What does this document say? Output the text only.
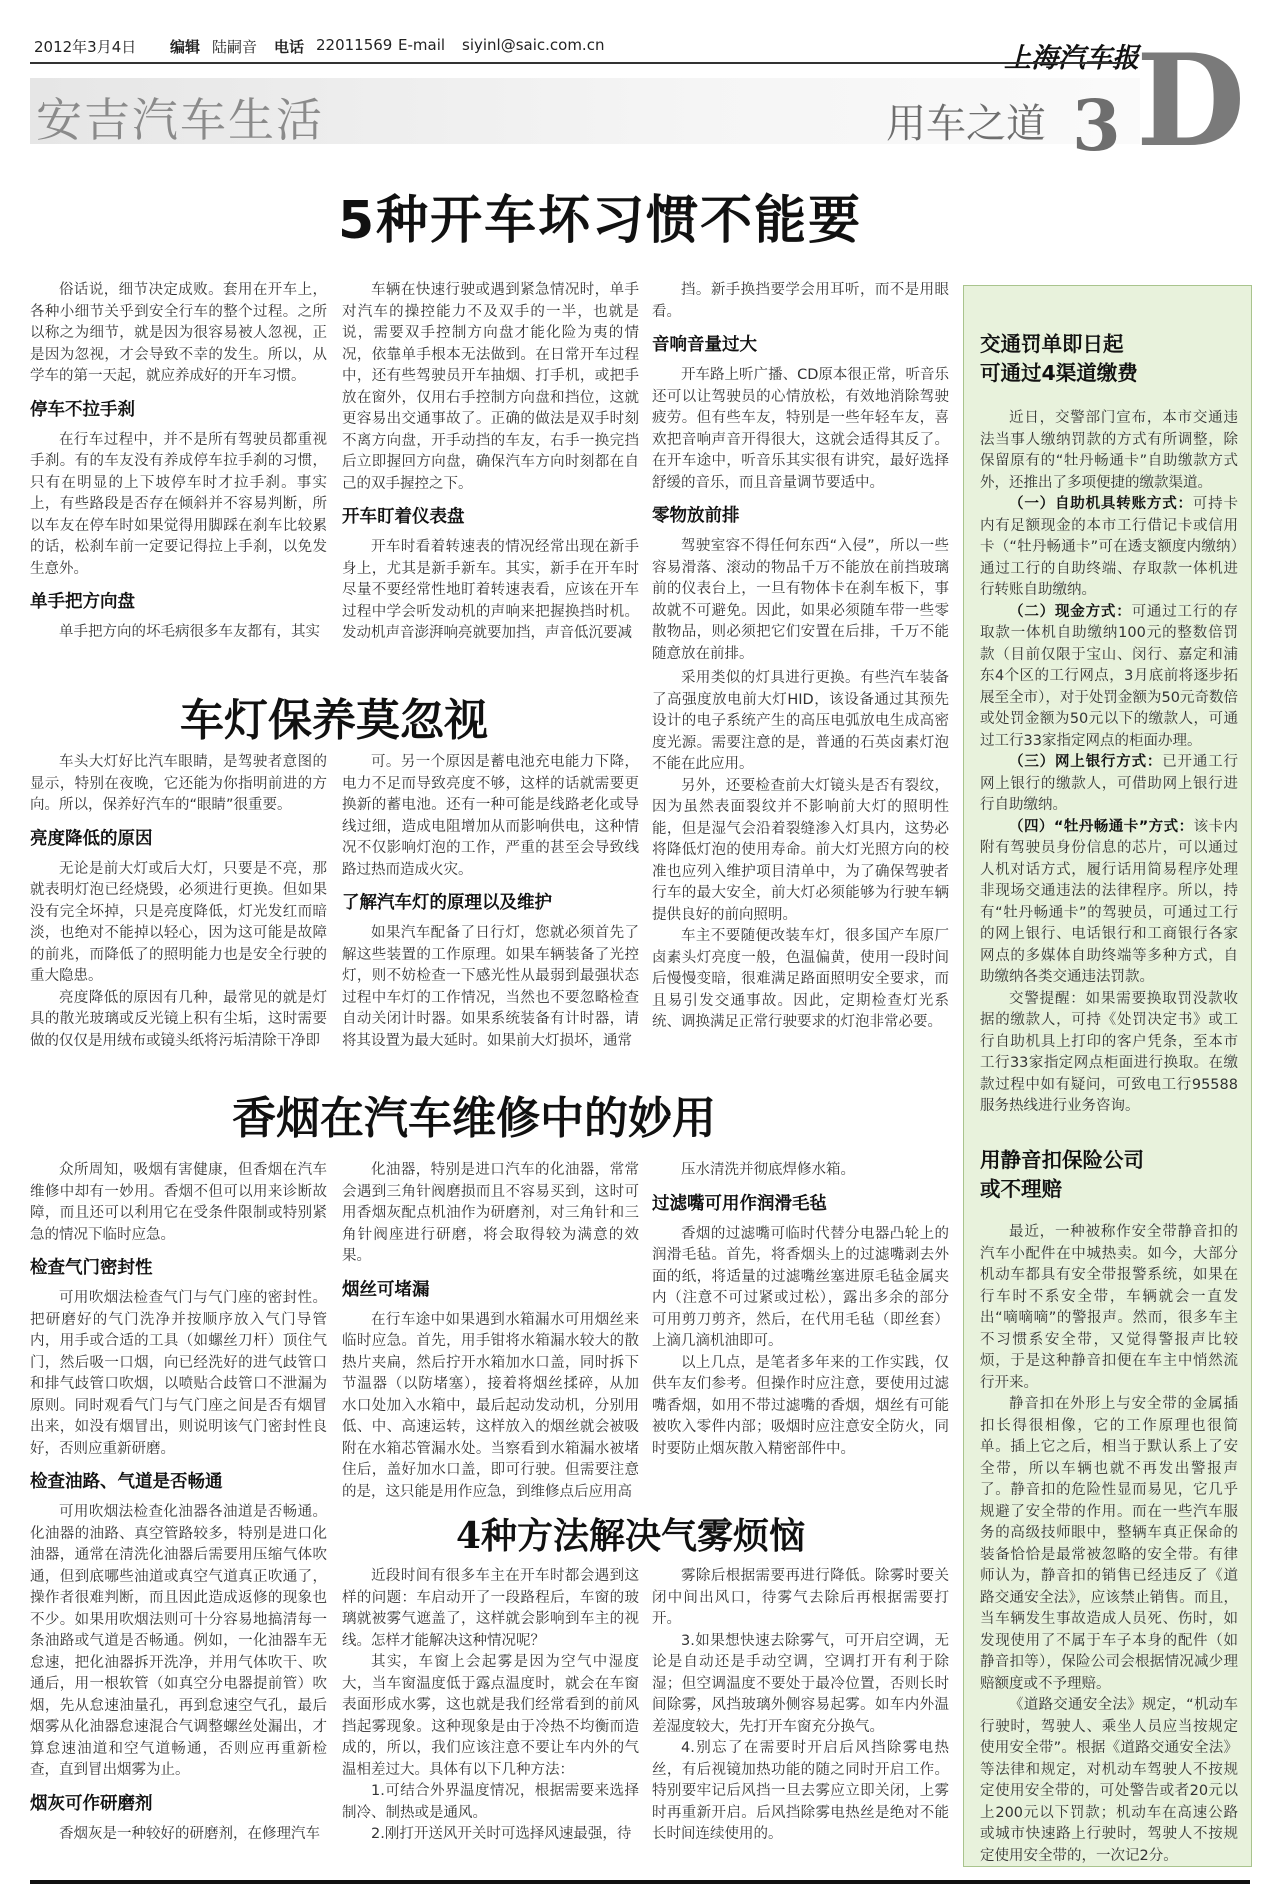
2012年3月4日 编辑 陆嗣音 电话 22011569 E-mail siyinl@saic.com.cn	上海汽车报
安吉汽车生活	用车之道 3 D
5种开车坏习惯不能要

俗话说，细节决定成败。套用在开车上，各种小细节关乎到安全行车的整个过程。之所以称之为细节，就是因为很容易被人忽视，正是因为忽视，才会导致不幸的发生。所以，从学车的第一天起，就应养成好的开车习惯。

停车不拉手刹

在行车过程中，并不是所有驾驶员都重视手刹。有的车友没有养成停车拉手刹的习惯，只有在明显的上下坡停车时才拉手刹。事实上，有些路段是否存在倾斜并不容易判断，所以车友在停车时如果觉得用脚踩在刹车比较累的话，松刹车前一定要记得拉上手刹，以免发生意外。

单手把方向盘

单手把方向的坏毛病很多车友都有，其实

车辆在快速行驶或遇到紧急情况时，单手对汽车的操控能力不及双手的一半，也就是说，需要双手控制方向盘才能化险为夷的情况，依靠单手根本无法做到。在日常开车过程中，还有些驾驶员开车抽烟、打手机，或把手放在窗外，仅用右手控制方向盘和挡位，这就更容易出交通事故了。正确的做法是双手时刻不离方向盘，开手动挡的车友，右手一换完挡后立即握回方向盘，确保汽车方向时刻都在自己的双手握控之下。

开车盯着仪表盘

开车时看着转速表的情况经常出现在新手身上，尤其是新手新车。其实，新手在开车时尽量不要经常性地盯着转速表看，应该在开车过程中学会听发动机的声响来把握换挡时机。发动机声音澎湃响亮就要加挡，声音低沉要减

挡。新手换挡要学会用耳听，而不是用眼看。

音响音量过大

开车路上听广播、CD原本很正常，听音乐还可以让驾驶员的心情放松，有效地消除驾驶疲劳。但有些车友，特别是一些年轻车友，喜欢把音响声音开得很大，这就会适得其反了。在开车途中，听音乐其实很有讲究，最好选择舒缓的音乐，而且音量调节要适中。

零物放前排

驾驶室容不得任何东西“入侵”，所以一些容易滑落、滚动的物品千万不能放在前挡玻璃前的仪表台上，一旦有物体卡在刹车板下，事故就不可避免。因此，如果必须随车带一些零散物品，则必须把它们安置在后排，千万不能随意放在前排。

车灯保养莫忽视

车头大灯好比汽车眼睛，是驾驶者意图的显示，特别在夜晚，它还能为你指明前进的方向。所以，保养好汽车的“眼睛”很重要。

亮度降低的原因

无论是前大灯或后大灯，只要是不亮，那就表明灯泡已经烧毁，必须进行更换。但如果没有完全坏掉，只是亮度降低，灯光发红而暗淡，也绝对不能掉以轻心，因为这可能是故障的前兆，而降低了的照明能力也是安全行驶的重大隐患。

亮度降低的原因有几种，最常见的就是灯具的散光玻璃或反光镜上积有尘垢，这时需要做的仅仅是用绒布或镜头纸将污垢清除干净即

可。另一个原因是蓄电池充电能力下降，电力不足而导致亮度不够，这样的话就需要更换新的蓄电池。还有一种可能是线路老化或导线过细，造成电阻增加从而影响供电，这种情况不仅影响灯泡的工作，严重的甚至会导致线路过热而造成火灾。

了解汽车灯的原理以及维护

如果汽车配备了日行灯，您就必须首先了解这些装置的工作原理。如果车辆装备了光控灯，则不妨检查一下感光性从最弱到最强状态过程中车灯的工作情况，当然也不要忽略检查自动关闭计时器。如果系统装备有计时器，请将其设置为最大延时。如果前大灯损坏，通常

采用类似的灯具进行更换。有些汽车装备了高强度放电前大灯HID，该设备通过其预先设计的电子系统产生的高压电弧放电生成高密度光源。需要注意的是，普通的石英卤素灯泡不能在此应用。

另外，还要检查前大灯镜头是否有裂纹，因为虽然表面裂纹并不影响前大灯的照明性能，但是湿气会沿着裂缝渗入灯具内，这势必将降低灯泡的使用寿命。前大灯光照方向的校准也应列入维护项目清单中，为了确保驾驶者行车的最大安全，前大灯必须能够为行驶车辆提供良好的前向照明。

车主不要随便改装车灯，很多国产车原厂卤素头灯亮度一般，色温偏黄，使用一段时间后慢慢变暗，很难满足路面照明安全要求，而且易引发交通事故。因此，定期检查灯光系统、调换满足正常行驶要求的灯泡非常必要。

香烟在汽车维修中的妙用

众所周知，吸烟有害健康，但香烟在汽车维修中却有一妙用。香烟不但可以用来诊断故障，而且还可以利用它在受条件限制或特别紧急的情况下临时应急。

检查气门密封性

可用吹烟法检查气门与气门座的密封性。把研磨好的气门洗净并按顺序放入气门导管内，用手或合适的工具（如螺丝刀杆）顶住气门，然后吸一口烟，向已经洗好的进气歧管口和排气歧管口吹烟，以喷贴合歧管口不泄漏为原则。同时观看气门与气门座之间是否有烟冒出来，如没有烟冒出，则说明该气门密封性良好，否则应重新研磨。

检查油路、气道是否畅通

可用吹烟法检查化油器各油道是否畅通。化油器的油路、真空管路较多，特别是进口化油器，通常在清洗化油器后需要用压缩气体吹通，但到底哪些油道或真空气道真正吹通了，操作者很难判断，而且因此造成返修的现象也不少。如果用吹烟法则可十分容易地搞清每一条油路或气道是否畅通。例如，一化油器车无怠速，把化油器拆开洗净，并用气体吹干、吹通后，用一根软管（如真空分电器提前管）吹烟，先从怠速油量孔，再到怠速空气孔，最后烟雾从化油器怠速混合气调整螺丝处漏出，才算怠速油道和空气道畅通，否则应再重新检查，直到冒出烟雾为止。

烟灰可作研磨剂

香烟灰是一种较好的研磨剂，在修理汽车

化油器，特别是进口汽车的化油器，常常会遇到三角针阀磨损而且不容易买到，这时可用香烟灰配点机油作为研磨剂，对三角针和三角针阀座进行研磨，将会取得较为满意的效果。

烟丝可堵漏

在行车途中如果遇到水箱漏水可用烟丝来临时应急。首先，用手钳将水箱漏水较大的散热片夹扁，然后拧开水箱加水口盖，同时拆下节温器（以防堵塞），接着将烟丝揉碎，从加水口处加入水箱中，最后起动发动机，分别用低、中、高速运转，这样放入的烟丝就会被吸附在水箱芯管漏水处。当察看到水箱漏水被堵住后，盖好加水口盖，即可行驶。但需要注意的是，这只能是用作应急，到维修点后应用高

压水清洗并彻底焊修水箱。

过滤嘴可用作润滑毛毡

香烟的过滤嘴可临时代替分电器凸轮上的润滑毛毡。首先，将香烟头上的过滤嘴剥去外面的纸，将适量的过滤嘴丝塞进原毛毡金属夹内（注意不可过紧或过松），露出多余的部分可用剪刀剪齐，然后，在代用毛毡（即丝套）上滴几滴机油即可。

以上几点，是笔者多年来的工作实践，仅供车友们参考。但操作时应注意，要使用过滤嘴香烟，如用不带过滤嘴的香烟，烟丝有可能被吹入零件内部；吸烟时应注意安全防火，同时要防止烟灰散入精密部件中。

4种方法解决气雾烦恼

近段时间有很多车主在开车时都会遇到这样的问题：车启动开了一段路程后，车窗的玻璃就被雾气遮盖了，这样就会影响到车主的视线。怎样才能解决这种情况呢？

其实，车窗上会起雾是因为空气中湿度大，当车窗温度低于露点温度时，就会在车窗表面形成水雾，这也就是我们经常看到的前风挡起雾现象。这种现象是由于冷热不均衡而造成的，所以，我们应该注意不要让车内外的气温相差过大。具体有以下几种方法：

1.可结合外界温度情况，根据需要来选择制冷、制热或是通风。

2.刚打开送风开关时可选择风速最强，待

雾除后根据需要再进行降低。除雾时要关闭中间出风口，待雾气去除后再根据需要打开。

3.如果想快速去除雾气，可开启空调，无论是自动还是手动空调，空调打开有利于除湿；但空调温度不要处于最冷位置，否则长时间除雾，风挡玻璃外侧容易起雾。如车内外温差湿度较大，先打开车窗充分换气。

4.别忘了在需要时开启后风挡除雾电热丝，有后视镜加热功能的随之同时开启工作。特别要牢记后风挡一旦去雾应立即关闭，上雾时再重新开启。后风挡除雾电热丝是绝对不能长时间连续使用的。

交通罚单即日起

可通过4渠道缴费

近日，交警部门宣布，本市交通违法当事人缴纳罚款的方式有所调整，除保留原有的“牡丹畅通卡”自助缴款方式外，还推出了多项便捷的缴款渠道。

（一）自助机具转账方式：可持卡内有足额现金的本市工行借记卡或信用卡（“牡丹畅通卡”可在透支额度内缴纳）通过工行的自助终端、存取款一体机进行转账自助缴纳。

（二）现金方式：可通过工行的存取款一体机自助缴纳100元的整数倍罚款（目前仅限于宝山、闵行、嘉定和浦东4个区的工行网点，3月底前将逐步拓展至全市），对于处罚金额为50元奇数倍或处罚金额为50元以下的缴款人，可通过工行33家指定网点的柜面办理。

（三）网上银行方式：已开通工行网上银行的缴款人，可借助网上银行进行自助缴纳。

（四）“牡丹畅通卡”方式：该卡内附有驾驶员身份信息的芯片，可以通过人机对话方式，履行话用简易程序处理非现场交通违法的法律程序。所以，持有“牡丹畅通卡”的驾驶员，可通过工行的网上银行、电话银行和工商银行各家网点的多媒体自助终端等多种方式，自助缴纳各类交通违法罚款。

交警提醒：如果需要换取罚没款收据的缴款人，可持《处罚决定书》或工行自助机具上打印的客户凭条，至本市工行33家指定网点柜面进行换取。在缴款过程中如有疑问，可致电工行95588服务热线进行业务咨询。

用静音扣保险公司

或不理赔

最近，一种被称作安全带静音扣的汽车小配件在中城热卖。如今，大部分机动车都具有安全带报警系统，如果在行车时不系安全带，车辆就会一直发出“嘀嘀嘀”的警报声。然而，很多车主不习惯系安全带，又觉得警报声比较烦，于是这种静音扣便在车主中悄然流行开来。

静音扣在外形上与安全带的金属插扣长得很相像，它的工作原理也很简单。插上它之后，相当于默认系上了安全带，所以车辆也就不再发出警报声了。静音扣的危险性显而易见，它几乎规避了安全带的作用。而在一些汽车服务的高级技师眼中，整辆车真正保命的装备恰恰是最常被忽略的安全带。有律师认为，静音扣的销售已经违反了《道路交通安全法》，应该禁止销售。而且，当车辆发生事故造成人员死、伤时，如发现使用了不属于车子本身的配件（如静音扣等），保险公司会根据情况减少理赔额度或不予理赔。

《道路交通安全法》规定，“机动车行驶时，驾驶人、乘坐人员应当按规定使用安全带”。根据《道路交通安全法》等法律和规定，对机动车驾驶人不按规定使用安全带的，可处警告或者20元以上200元以下罚款；机动车在高速公路或城市快速路上行驶时，驾驶人不按规定使用安全带的，一次记2分。
